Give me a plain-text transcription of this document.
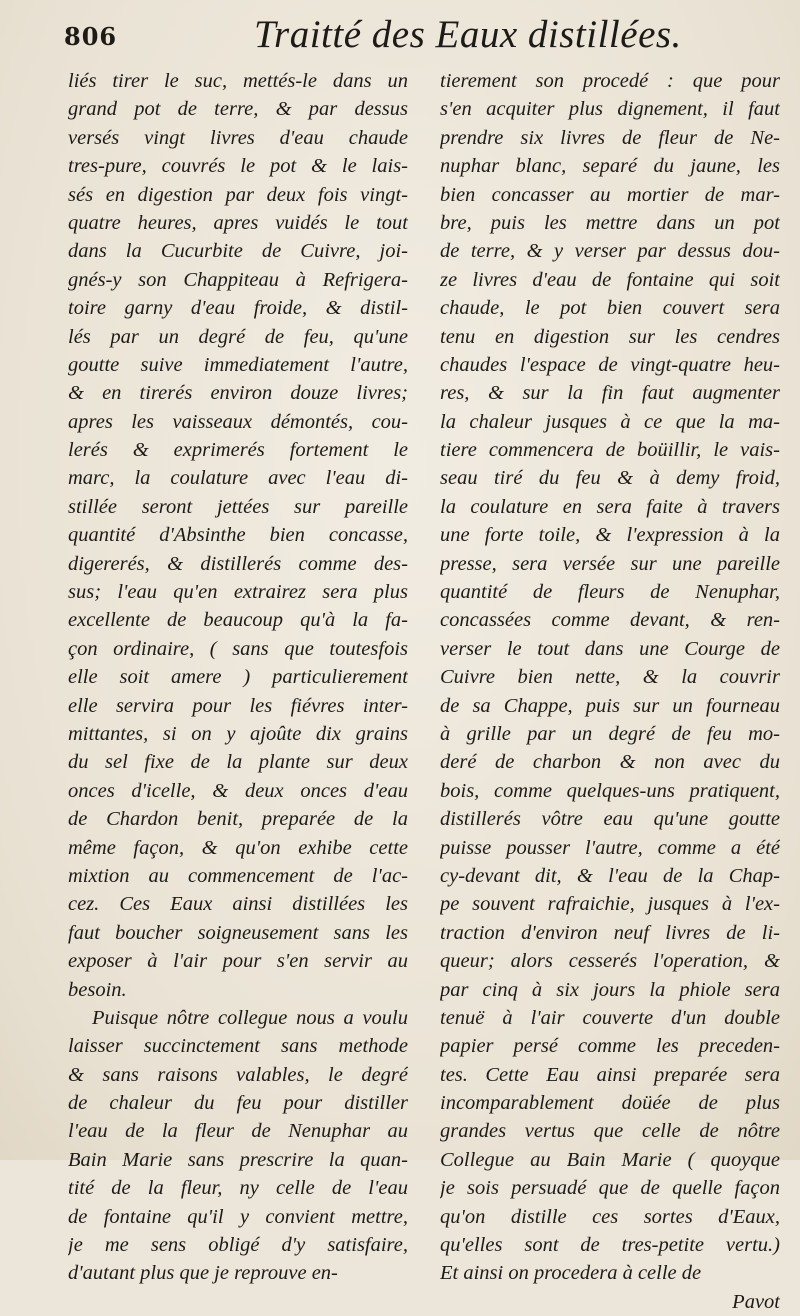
806	Traitté des Eaux distillées.
liés tirer le suc, mettés-le dans un
grand pot de terre, & par dessus
versés vingt livres d'eau chaude
tres-pure, couvrés le pot & le lais-
sés en digestion par deux fois vingt-
quatre heures, apres vuidés le tout
dans la Cucurbite de Cuivre, joi-
gnés-y son Chappiteau à Refrigera-
toire garny d'eau froide, & distil-
lés par un degré de feu, qu'une
goutte suive immediatement l'autre,
& en tirerés environ douze livres;
apres les vaisseaux démontés, cou-
lerés & exprimerés fortement le
marc, la coulature avec l'eau di-
stillée seront jettées sur pareille
quantité d'Absinthe bien concasse,
digererés, & distillerés comme des-
sus; l'eau qu'en extrairez sera plus
excellente de beaucoup qu'à la fa-
çon ordinaire, ( sans que toutesfois
elle soit amere ) particulierement
elle servira pour les fiévres inter-
mittantes, si on y ajoûte dix grains
du sel fixe de la plante sur deux
onces d'icelle, & deux onces d'eau
de Chardon benit, preparée de la
même façon, & qu'on exhibe cette
mixtion au commencement de l'ac-
cez. Ces Eaux ainsi distillées les
faut boucher soigneusement sans les
exposer à l'air pour s'en servir au
besoin.
Puisque nôtre collegue nous a voulu
laisser succinctement sans methode
& sans raisons valables, le degré
de chaleur du feu pour distiller
l'eau de la fleur de Nenuphar au
Bain Marie sans prescrire la quan-
tité de la fleur, ny celle de l'eau
de fontaine qu'il y convient mettre,
je me sens obligé d'y satisfaire,
d'autant plus que je reprouve en-
tierement son procedé : que pour
s'en acquiter plus dignement, il faut
prendre six livres de fleur de Ne-
nuphar blanc, separé du jaune, les
bien concasser au mortier de mar-
bre, puis les mettre dans un pot
de terre, & y verser par dessus dou-
ze livres d'eau de fontaine qui soit
chaude, le pot bien couvert sera
tenu en digestion sur les cendres
chaudes l'espace de vingt-quatre heu-
res, & sur la fin faut augmenter
la chaleur jusques à ce que la ma-
tiere commencera de boüillir, le vais-
seau tiré du feu & à demy froid,
la coulature en sera faite à travers
une forte toile, & l'expression à la
presse, sera versée sur une pareille
quantité de fleurs de Nenuphar,
concassées comme devant, & ren-
verser le tout dans une Courge de
Cuivre bien nette, & la couvrir
de sa Chappe, puis sur un fourneau
à grille par un degré de feu mo-
deré de charbon & non avec du
bois, comme quelques-uns pratiquent,
distillerés vôtre eau qu'une goutte
puisse pousser l'autre, comme a été
cy-devant dit, & l'eau de la Chap-
pe souvent rafraichie, jusques à l'ex-
traction d'environ neuf livres de li-
queur; alors cesserés l'operation, &
par cinq à six jours la phiole sera
tenuë à l'air couverte d'un double
papier persé comme les preceden-
tes. Cette Eau ainsi preparée sera
incomparablement doüée de plus
grandes vertus que celle de nôtre
Collegue au Bain Marie ( quoyque
je sois persuadé que de quelle façon
qu'on distille ces sortes d'Eaux,
qu'elles sont de tres-petite vertu.)
Et ainsi on procedera à celle de
Pavot
